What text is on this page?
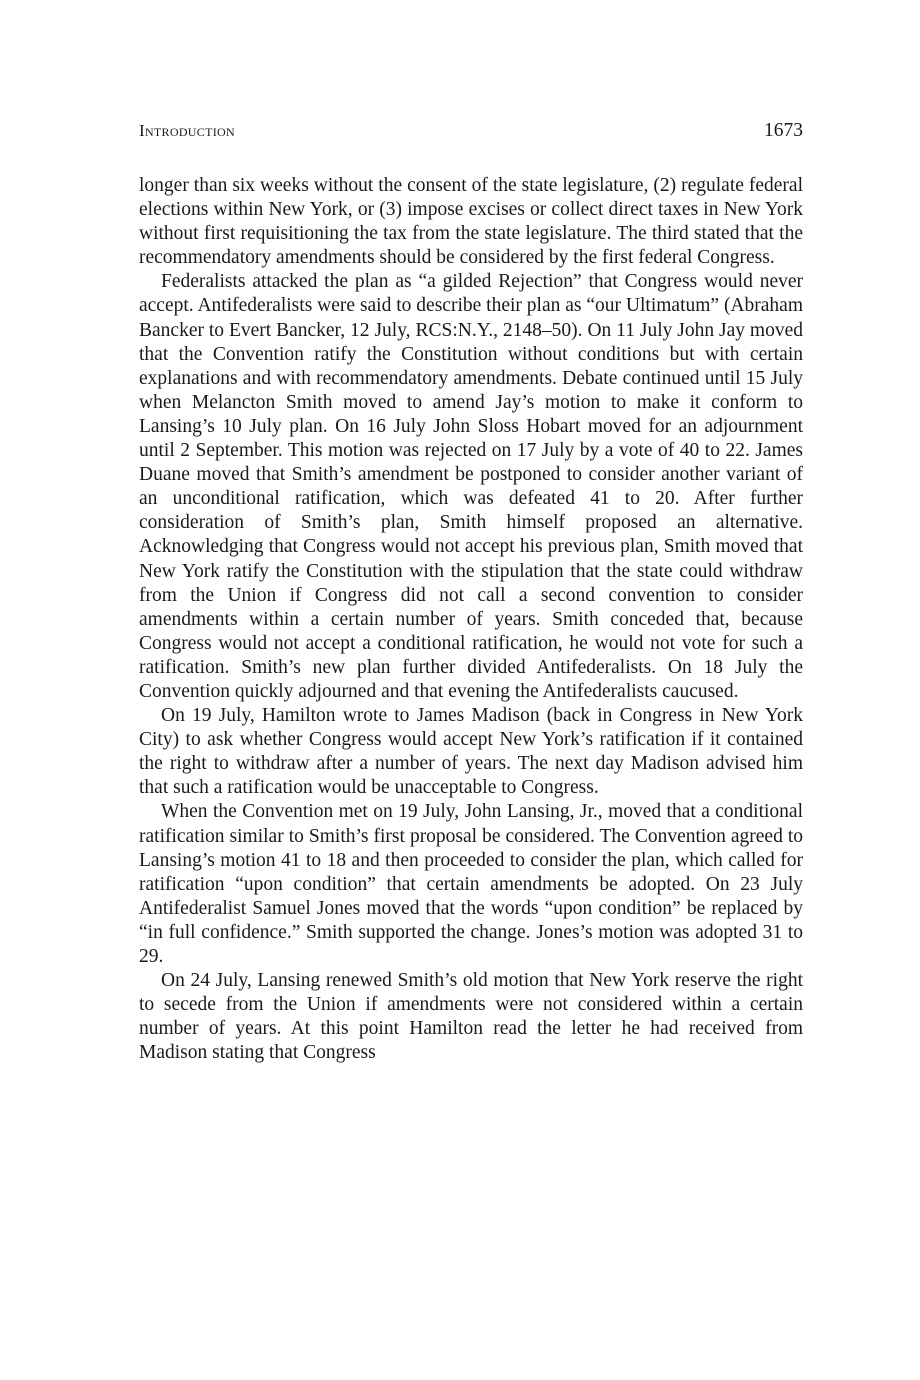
Introduction	1673

longer than six weeks without the consent of the state legislature, (2) regulate federal elections within New York, or (3) impose excises or collect direct taxes in New York without first requisitioning the tax from the state legislature. The third stated that the recommendatory amendments should be considered by the first federal Congress.

Federalists attacked the plan as “a gilded Rejection” that Congress would never accept. Antifederalists were said to describe their plan as “our Ultimatum” (Abraham Bancker to Evert Bancker, 12 July, RCS:N.Y., 2148–50). On 11 July John Jay moved that the Convention ratify the Constitution without conditions but with certain explanations and with recommendatory amendments. Debate continued until 15 July when Melancton Smith moved to amend Jay’s motion to make it conform to Lansing’s 10 July plan. On 16 July John Sloss Hobart moved for an adjournment until 2 September. This motion was rejected on 17 July by a vote of 40 to 22. James Duane moved that Smith’s amendment be postponed to consider another variant of an unconditional ratification, which was defeated 41 to 20. After further consideration of Smith’s plan, Smith himself proposed an alternative. Acknowledging that Congress would not accept his previous plan, Smith moved that New York ratify the Constitution with the stipulation that the state could withdraw from the Union if Congress did not call a second convention to consider amendments within a certain number of years. Smith conceded that, because Congress would not accept a conditional ratification, he would not vote for such a ratification. Smith’s new plan further divided Antifederalists. On 18 July the Convention quickly adjourned and that evening the Antifederalists caucused.

On 19 July, Hamilton wrote to James Madison (back in Congress in New York City) to ask whether Congress would accept New York’s ratification if it contained the right to withdraw after a number of years. The next day Madison advised him that such a ratification would be unacceptable to Congress.

When the Convention met on 19 July, John Lansing, Jr., moved that a conditional ratification similar to Smith’s first proposal be considered. The Convention agreed to Lansing’s motion 41 to 18 and then proceeded to consider the plan, which called for ratification “upon condition” that certain amendments be adopted. On 23 July Antifederalist Samuel Jones moved that the words “upon condition” be replaced by “in full confidence.” Smith supported the change. Jones’s motion was adopted 31 to 29.

On 24 July, Lansing renewed Smith’s old motion that New York reserve the right to secede from the Union if amendments were not considered within a certain number of years. At this point Hamilton read the letter he had received from Madison stating that Congress
